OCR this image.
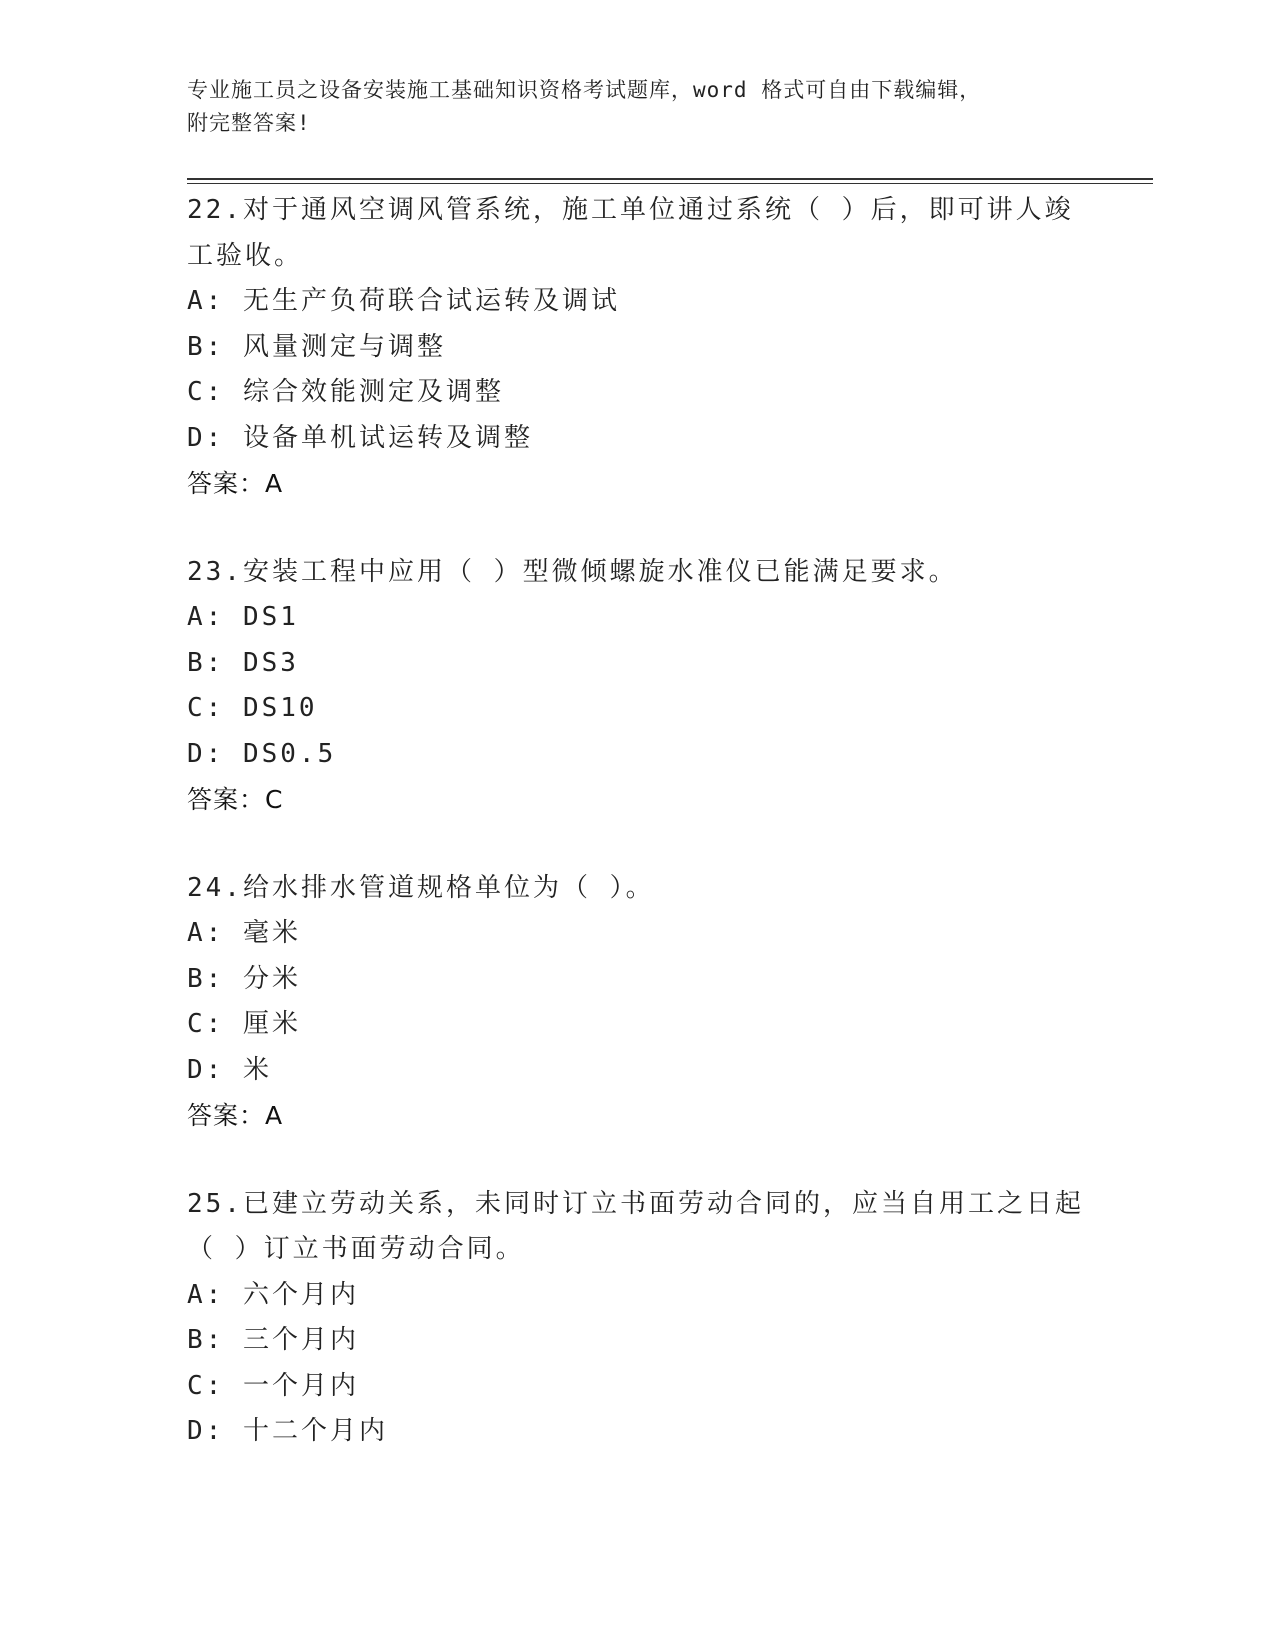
专业施工员之设备安装施工基础知识资格考试题库，word 格式可自由下载编辑，
附完整答案!

22.对于通风空调风管系统，施工单位通过系统（ ）后，即可讲人竣

工验收。

A: 无生产负荷联合试运转及调试

B: 风量测定与调整

C: 综合效能测定及调整

D: 设备单机试运转及调整

答案：A

23.安装工程中应用（ ）型微倾螺旋水准仪已能满足要求。

A: DS1

B: DS3

C: DS10

D: DS0.5

答案：C

24.给水排水管道规格单位为（ ）。

A: 毫米

B: 分米

C: 厘米

D: 米

答案：A

25.已建立劳动关系，未同时订立书面劳动合同的，应当自用工之日起

（ ）订立书面劳动合同。

A: 六个月内

B: 三个月内

C: 一个月内

D: 十二个月内
